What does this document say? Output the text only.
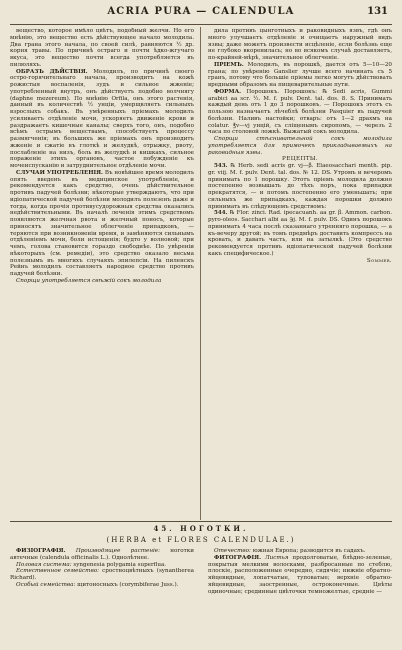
ACRIA PURA — CALENDULA	131

вещество, которое имѣло цвѣтъ, подобный желчи. Но его мнѣнію, это вещество есть дѣйствующее начало молодила. Два грана этого начала, по своей силѣ, равняются ½ др. корня травы. По причинѣ остраго и почти ѣдко-жгучаго вкуса, это вещество почти всегда употребляется въ пилюляхъ.

ОБРАЗЪ ДѢЙСТВІЯ. Молодилъ, по причинѣ своего остро-горячительнаго начала, производитъ на кожѣ рожистыя воспаленія, зудъ и сильное жженіе; употребленный внутрь, онъ дѣйствуетъ подобно волчнягу (daphne mezereum). По мнѣнію Orfila, онъ этого растенія, данный въ количествѣ ½ унціи, умерщвляетъ сильныхъ взрослыхъ собакъ. Въ умѣренныхъ пріемахъ молодилъ усиливаетъ отдѣленіе мочи, ускоряетъ движеніе крови и раздражаетъ кишечные каналы; сверхъ того, онъ, подобно всѣмъ острымъ веществамъ, способствуетъ процессу размягченія; въ большихъ же пріемахъ онъ производитъ жженіе и сжатіе въ глоткѣ и желудкѣ, отрыжку, рвоту, послабленіе на низъ, боль въ желудкѣ и кишкахъ, сильное пораженіе этихъ органовъ, частое побужденіе къ мочеиспусканію и затруднительное отдѣленіе мочи.

СЛУЧАИ УПОТРЕБЛЕНІЯ. Въ новѣйшее время молодилъ опять введенъ въ медицинское употребленіе, и рекомендуется какъ средство, очень дѣйствительное противъ падучей болѣзни; нѣкоторые утверждаютъ, что при идіопатической падучей болѣзни молодилъ полезенъ даже и тогда, когда прочія противусудорожныя средства оказались недѣйствительными. Въ началѣ леченія этимъ средствомъ появляются желчная рвота и желчный поносъ, которые приносятъ значительное облегченіе припадковъ, — теряются при возникновеніи время, и замѣняются сильнымъ отдѣленіемъ мочи, боли истощенія; будто у волновой; при чемъ, голова становится гораздо свободнѣе. По увѣреніи нѣкоторыхъ (см. ремедіи), это средство оказало весьма полезнымъ въ многихъ случаяхъ эпилепсіи. На пиленскъ Рейнъ молодилъ составляетъ народное средство противъ падучей болѣзни.

Спорщи употребляется свѣжій сокъ молодила

дила противъ цынготныхъ и раковидныхъ язвъ, гдѣ онъ много улучшаетъ отдѣленіе и очищаетъ наружный видъ язвы; даже можетъ произвести исцѣленіе, если болѣзнь еще не глубоко вкоренилась; но во всякомъ случаѣ доставляетъ, по-крайней-мѣрѣ, значительное облегченіе.

ПРІЕМЪ. Молодилъ, въ порошкѣ, дается отъ 5—10—20 грана; по увѣренію Ganslier лучше всего начинать съ 5 гранъ, потому что большіе пріемы легко могутъ дѣйствовать вредными образомъ на пищеварительные пути.

ФОРМА. Порошокъ. Порошокъ: ℞ Sedi acris, Gummi arabici аа scr. ½. M. f. pulv. Dent. tal. dos. 8. S. Принимать каждый день отъ 1 до 3 порошковъ. — Порошокъ этотъ съ пользою назначаетъ лѣчеблѣ болѣзни Pasquier въ падучей болѣзни. Наливъ настойки; отваръ: отъ 1—2 драхмъ на colatur. ℥v—vj унцій, съ сліщенымъ сиропомъ, — черезъ 2 часа по столовой ложкѣ. Выжатый сокъ молодила.

Спорщи стѣснивательной сокъ молодила употребляется для примочекъ прикладываемыхъ на раковидныя язвы.

РЕЦЕПТЫ.

543. ℞ Herb. sedi acris gr. vj—β. Elaeosaccharі menth. pip. gr. viij. M. f. pulv. Dent. tal. dos. № 12. DS. Утромъ и вечеромъ принимать по 1 порошку. Этотъ пріемъ молодила должно постепенно возвышать до тѣхъ поръ, пока припадки прекратятся, — и потомъ постепенно его уменьшать; при сильныхъ же припадкахъ, каждая порошки должно принимать въ слѣдующемъ средствомъ:

544. ℞ Flor. zinci. Rad. ipecacuanh. аа gr. β. Ammon. carbon. pyro-oleos. Sacchari albi аа ℈j. M. f. pulv. DS. Одинъ порошокъ принимать 4 часа послѣ сказаннаго утренняго порошка, — а къ-вечеру другой; въ томъ предмѣръ доставить компрессъ на кровать, и давать часть, или на затылкѣ. (Это средство рекомендуется противъ идіопатической падучей болѣзни какъ специфическое.)

Sommer.

45. НОГОТКИ.
(HERBA et FLORES CALENDULAE.)

ФИЗІОГРАФІЯ. Производящее растеніе: ноготки автечные (calendula officinalis L.). Однолѣтнее.

Половая система: syngenesia polygamia superflua.

Естественное семейство: сростноцвѣтныхъ (synantherea Richard).

Особый семейства: щитоносныхъ (corymbiferae Juss.).

Отечество: южная Европа; разводится въ садахъ.

ФИТОГРАФІЯ. Листья продолговатые, блѣдно-зеленые, покрытыя мелкими волосками, разбросанные по стеблю, плоскіе, расположенные очередно, сидячіе; нижніе обратно-яйцевидные, лопатчатые, туповатые; верхніе обратно-яйцевидные, заостренные, остроконечные. Цвѣты одиночные; срединные цвѣточки темножелтые, средніе —
